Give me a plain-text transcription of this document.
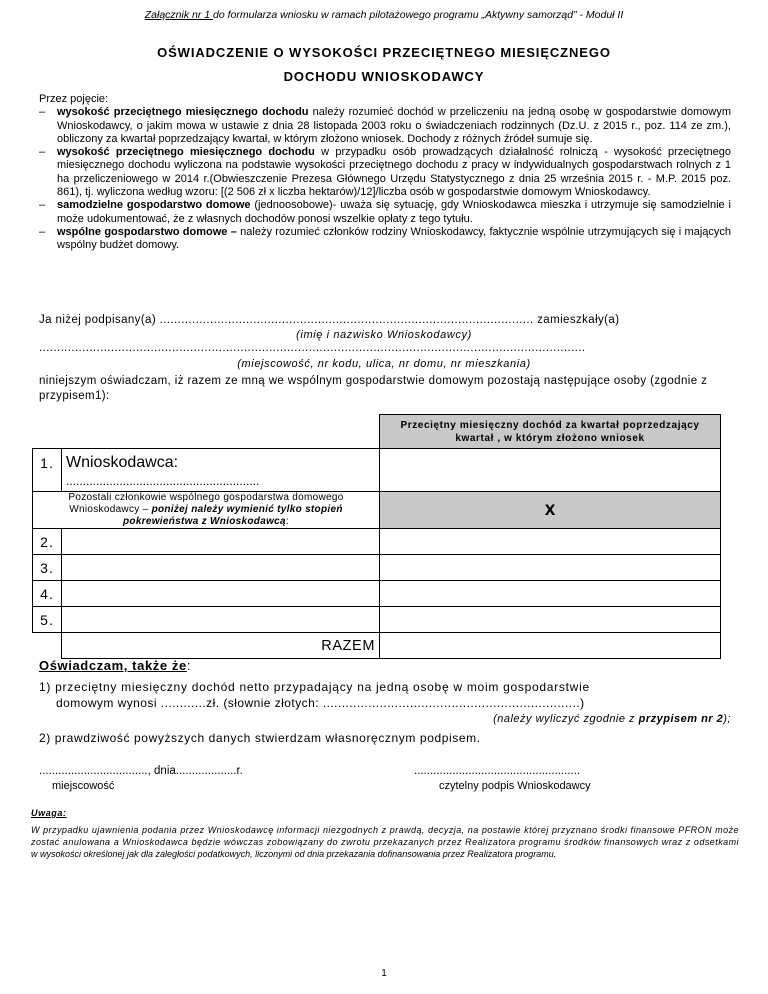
Załącznik nr 1 do formularza wniosku w ramach pilotażowego programu „Aktywny samorząd” - Moduł II
OŚWIADCZENIE O WYSOKOŚCI PRZECIĘTNEGO MIESIĘCZNEGO
DOCHODU WNIOSKODAWCY

Przez pojęcie:

– wysokość przeciętnego miesięcznego dochodu należy rozumieć dochód w przeliczeniu na jedną osobę w gospodarstwie domowym Wnioskodawcy, o jakim mowa w ustawie z dnia 28 listopada 2003 roku o świadczeniach rodzinnych (Dz.U. z 2015 r., poz. 114 ze zm.), obliczony za kwartał poprzedzający kwartał, w którym złożono wniosek. Dochody z różnych źródeł sumuje się.
– wysokość przeciętnego miesięcznego dochodu w przypadku osób prowadzących działalność rolniczą - wysokość przeciętnego miesięcznego dochodu wyliczona na podstawie wysokości przeciętnego dochodu z pracy w indywidualnych gospodarstwach rolnych z 1 ha przeliczeniowego w 2014 r.(Obwieszczenie Prezesa Głównego Urzędu Statystycznego z dnia 25 września 2015 r. - M.P. 2015 poz. 861), tj. wyliczona według wzoru: [(2 506 zł x liczba hektarów)/12]/liczba osób w gospodarstwie domowym Wnioskodawcy.
– samodzielne gospodarstwo domowe (jednoosobowe)- uważa się sytuację, gdy Wnioskodawca mieszka i utrzymuje się samodzielnie i może udokumentować, że z własnych dochodów ponosi wszelkie opłaty z tego tytułu.
– wspólne gospodarstwo domowe – należy rozumieć członków rodziny Wnioskodawcy, faktycznie wspólnie utrzymujących się i mających wspólny budżet domowy.
Ja niżej podpisany(a) ........................................................................................................ zamieszkały(a)
(imię i nazwisko Wnioskodawcy)
........................................................................................................................................................
(miejscowość, nr kodu, ulica, nr domu, nr mieszkania)
niniejszym oświadczam, iż razem ze mną we wspólnym gospodarstwie domowym pozostają następujące osoby (zgodnie z przypisem1):
		Przeciętny miesięczny dochód za kwartał poprzedzający kwartał , w którym złożono wniosek
1.	Wnioskodawca:
..........................................................	

Pozostali członkowie wspólnego gospodarstwa domowego Wnioskodawcy – poniżej należy wymienić tylko stopień pokrewieństwa z Wnioskodawcą:		x
2.		
3.		
4.		
5.		
	RAZEM	
Oświadczam, także że:
1) przeciętny miesięczny dochód netto przypadający na jedną osobę w moim gospodarstwie
domowym wynosi ............zł. (słownie złotych: ....................................................................)
(należy wyliczyć zgodnie z przypisem nr 2);
2) prawdziwość powyższych danych stwierdzam własnoręcznym podpisem.
.................................., dnia...................r.
miejscowość
....................................................
czytelny podpis Wnioskodawcy
Uwaga:
W przypadku ujawnienia podania przez Wnioskodawcę informacji niezgodnych z prawdą, decyzja, na postawie której przyznano środki finansowe PFRON może zostać anulowana a Wnioskodawca będzie wówczas zobowiązany do zwrotu przekazanych przez Realizatora programu środków finansowych wraz z odsetkami w wysokości określonej jak dla zaległości podatkowych, liczonymi od dnia przekazania dofinansowania przez Realizatora programu.
1
